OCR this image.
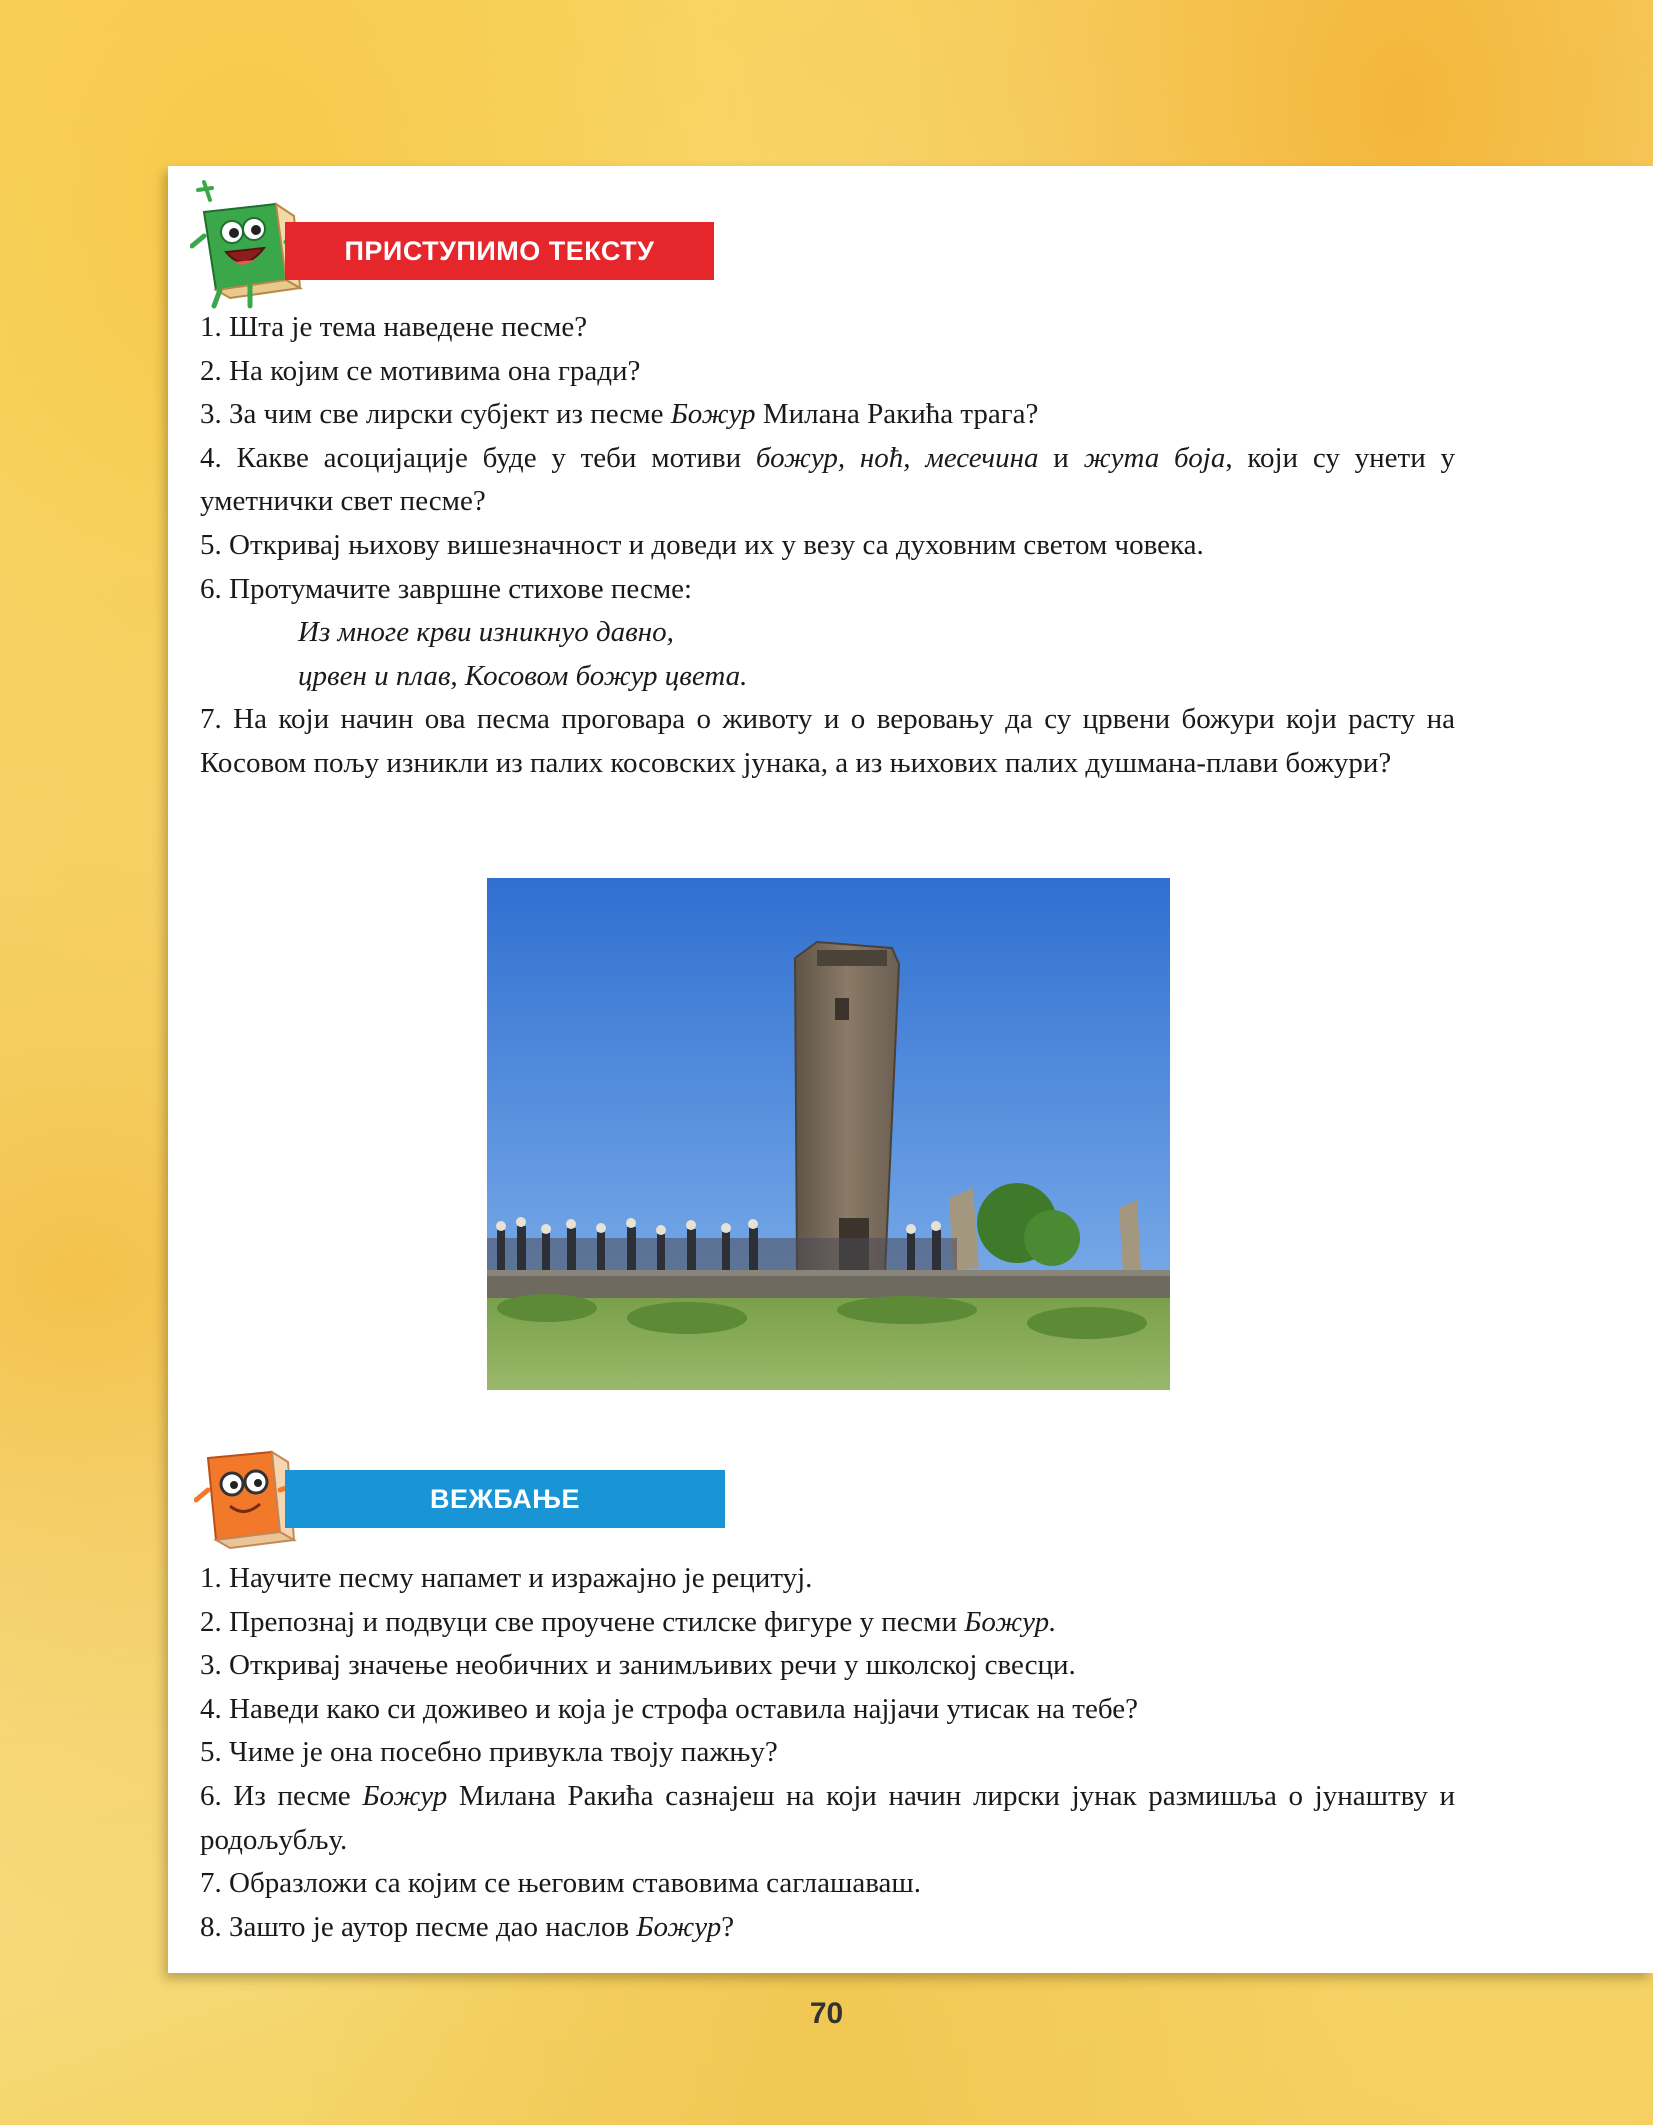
ПРИСТУПИМО ТЕКСТУ

1. Шта је тема наведене песме?

2. На којим се мотивима она гради?

3. За чим све лирски субјект из песме Божур Милана Ракића трага?

4. Какве асоцијације буде у теби мотиви божур, ноћ, месечина и жута боја, који су унети у уметнички свет песме?

5. Откривај њихову вишезначност и доведи их у везу са духовним светом човека.

6. Протумачите завршне стихове песме:

Из многе крви изникнуо давно,

црвен и плав, Косовом божур цвета.

7. На који начин ова песма проговара о животу и о веровању да су црвени божури који расту на Косовом пољу изникли из палих косовских јунака, а из њихових палих душмана-плави божури?

ВЕЖБАЊЕ

1. Научите песму напамет и изражајно је рецитуј.

2. Препознај и подвуци све проучене стилске фигуре у песми Божур.

3. Откривај значење необичних и занимљивих речи у школској свесци.

4. Наведи како си доживео и која је строфа оставила најјачи утисак на тебе?

5. Чиме је она посебно привукла твоју пажњу?

6. Из песме Божур Милана Ракића сазнајеш на који начин лирски јунак размишља о јунаштву и родољубљу.

7. Образложи са којим се његовим ставовима саглашаваш.

8. Зашто је аутор песме дао наслов Божур?

70
